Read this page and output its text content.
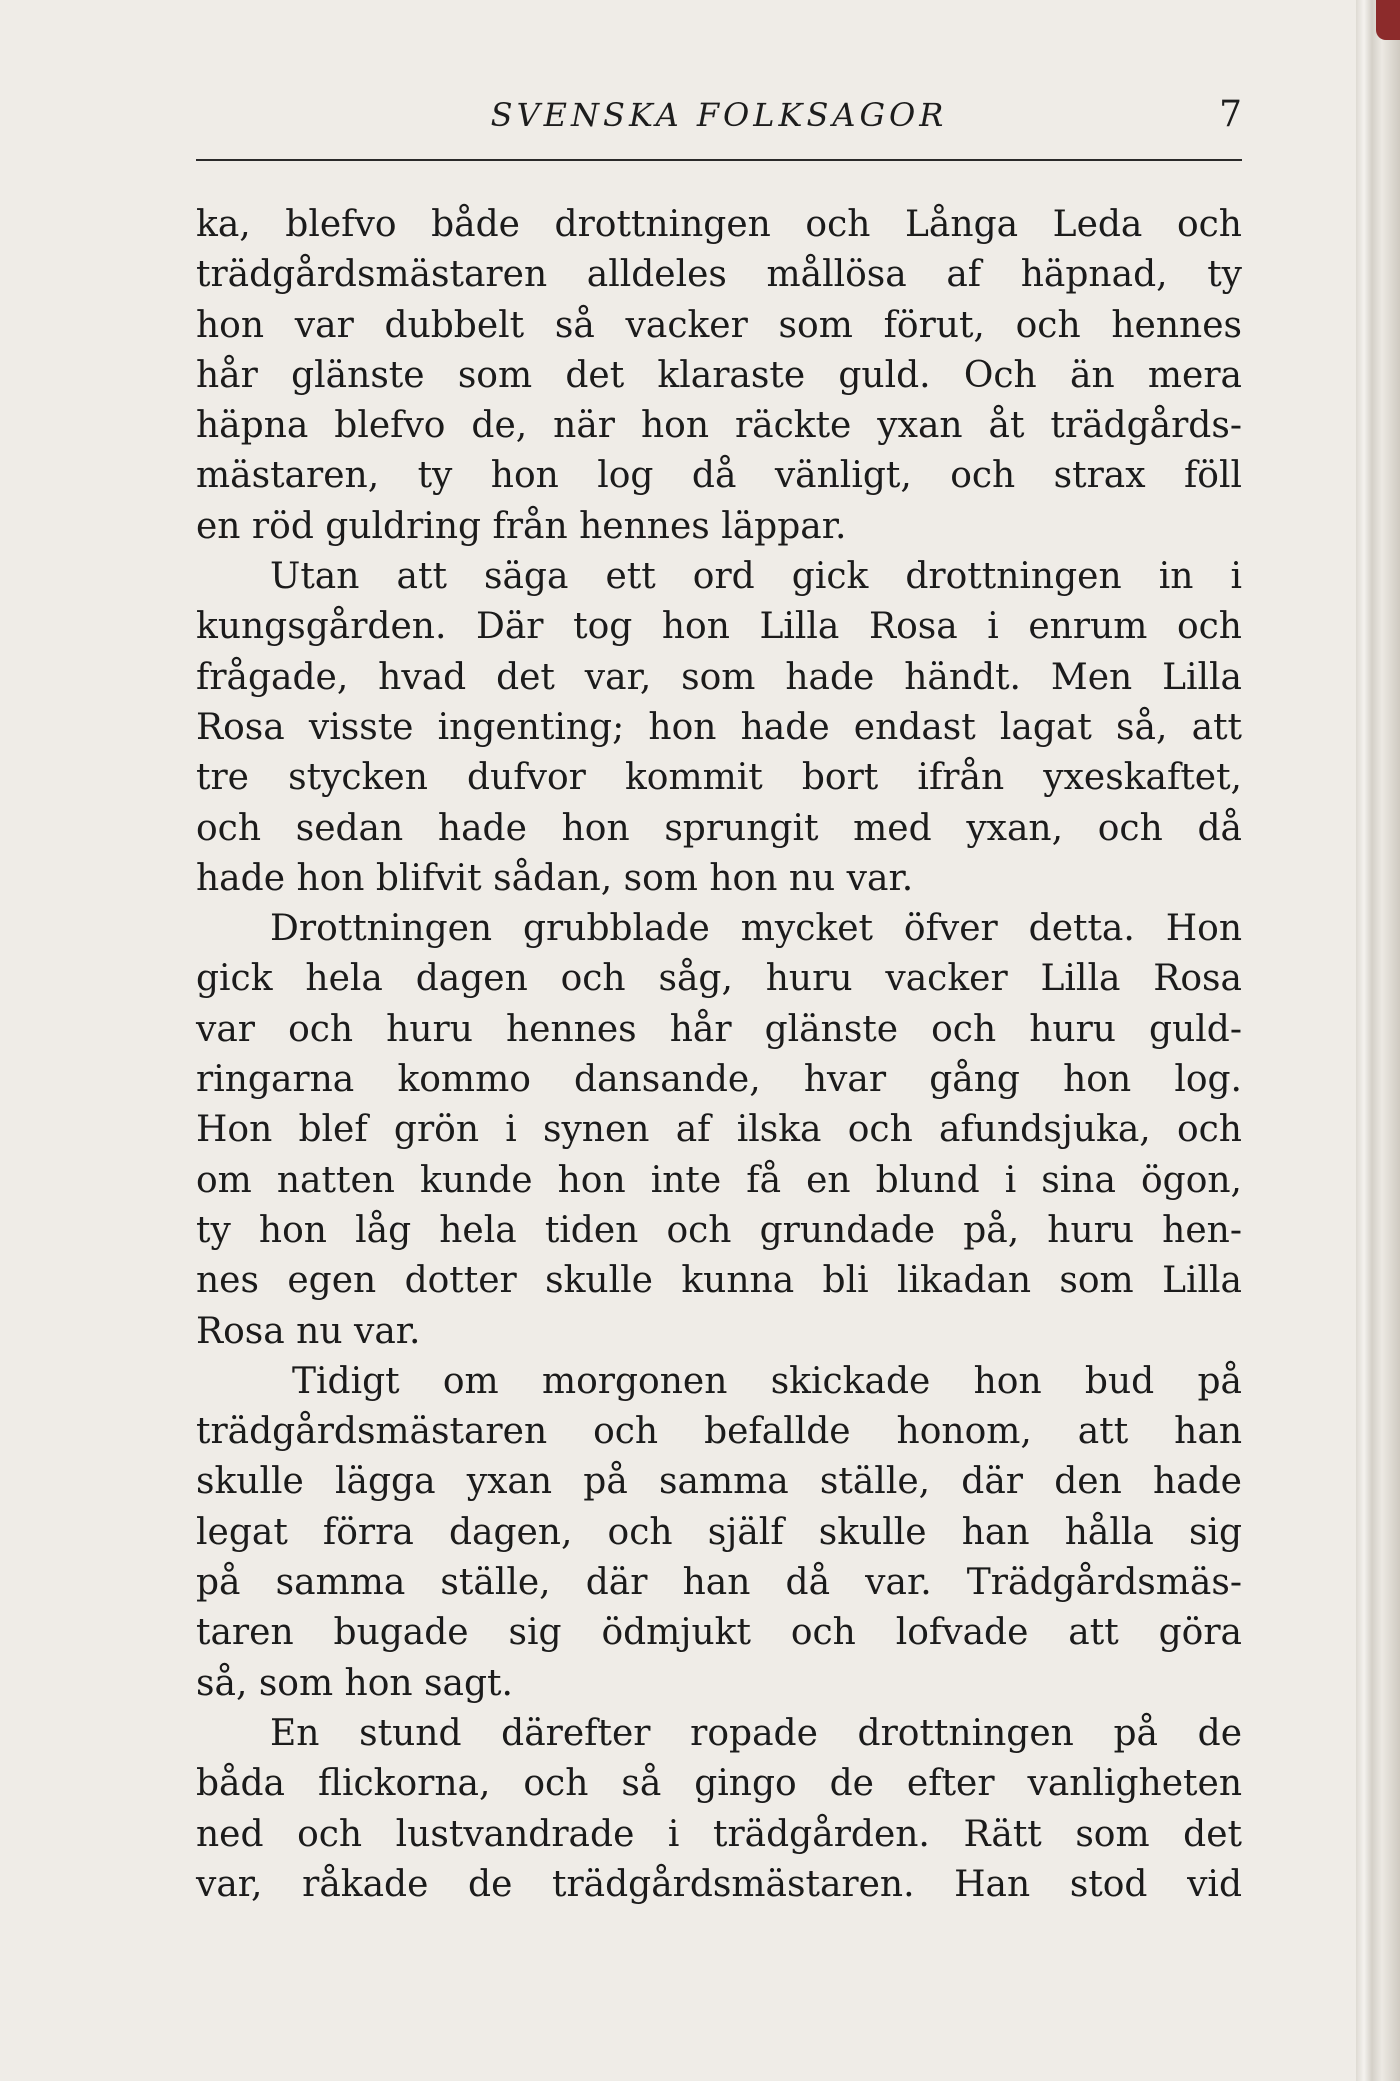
SVENSKA FOLKSAGOR	7
ka, blefvo både drottningen och Långa Leda och
trädgårdsmästaren alldeles mållösa af häpnad, ty
hon var dubbelt så vacker som förut, och hennes
hår glänste som det klaraste guld. Och än mera
häpna blefvo de, när hon räckte yxan åt trädgårds-
mästaren, ty hon log då vänligt, och strax föll
en röd guldring från hennes läppar.
Utan att säga ett ord gick drottningen in i
kungsgården. Där tog hon Lilla Rosa i enrum och
frågade, hvad det var, som hade händt. Men Lilla
Rosa visste ingenting; hon hade endast lagat så, att
tre stycken dufvor kommit bort ifrån yxeskaftet,
och sedan hade hon sprungit med yxan, och då
hade hon blifvit sådan, som hon nu var.
Drottningen grubblade mycket öfver detta. Hon
gick hela dagen och såg, huru vacker Lilla Rosa
var och huru hennes hår glänste och huru guld-
ringarna kommo dansande, hvar gång hon log.
Hon blef grön i synen af ilska och afundsjuka, och
om natten kunde hon inte få en blund i sina ögon,
ty hon låg hela tiden och grundade på, huru hen-
nes egen dotter skulle kunna bli likadan som Lilla
Rosa nu var.
Tidigt om morgonen skickade hon bud på
trädgårdsmästaren och befallde honom, att han
skulle lägga yxan på samma ställe, där den hade
legat förra dagen, och själf skulle han hålla sig
på samma ställe, där han då var. Trädgårdsmäs-
taren bugade sig ödmjukt och lofvade att göra
så, som hon sagt.
En stund därefter ropade drottningen på de
båda flickorna, och så gingo de efter vanligheten
ned och lustvandrade i trädgården. Rätt som det
var, råkade de trädgårdsmästaren. Han stod vid
